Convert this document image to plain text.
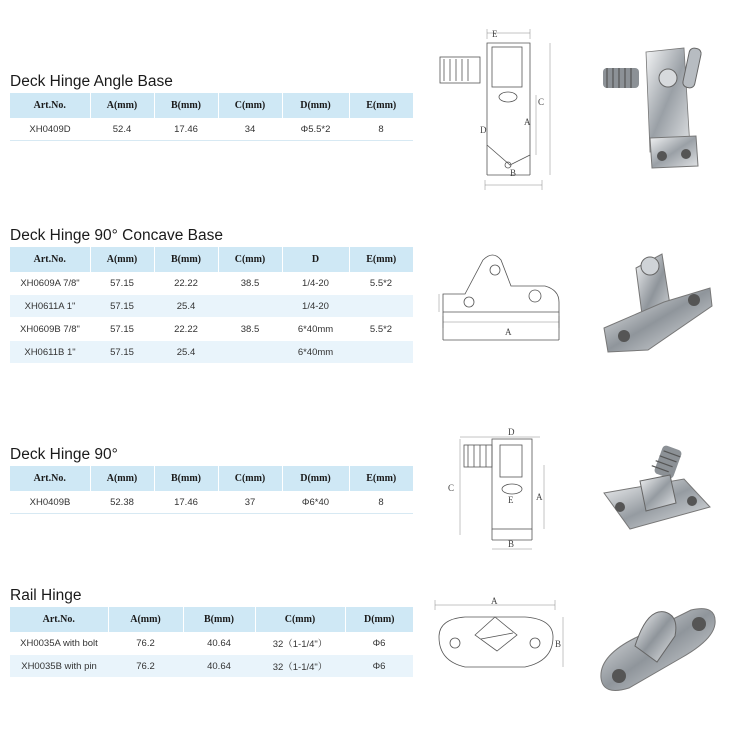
Deck Hinge Angle Base
Art.No.	A(mm)	B(mm)	C(mm)	D(mm)	E(mm)
XH0409D	52.4	17.46	34	Φ5.5*2	8
Deck Hinge 90° Concave Base
Art.No.	A(mm)	B(mm)	C(mm)	D	E(mm)
XH0609A 7/8"	57.15	22.22	38.5	1/4-20	5.5*2
XH0611A 1"	57.15	25.4		1/4-20	
XH0609B 7/8"	57.15	22.22	38.5	6*40mm	5.5*2
XH0611B 1"	57.15	25.4		6*40mm	
Deck Hinge 90°
Art.No.	A(mm)	B(mm)	C(mm)	D(mm)	E(mm)
XH0409B	52.38	17.46	37	Φ6*40	8
Rail Hinge
Art.No.	A(mm)	B(mm)	C(mm)	D(mm)
XH0035A with bolt	76.2	40.64	32（1-1/4"）	Φ6
XH0035B with pin	76.2	40.64	32（1-1/4"）	Φ6
E
B
C
A
D
A
D
C
E	A
B
A
B
